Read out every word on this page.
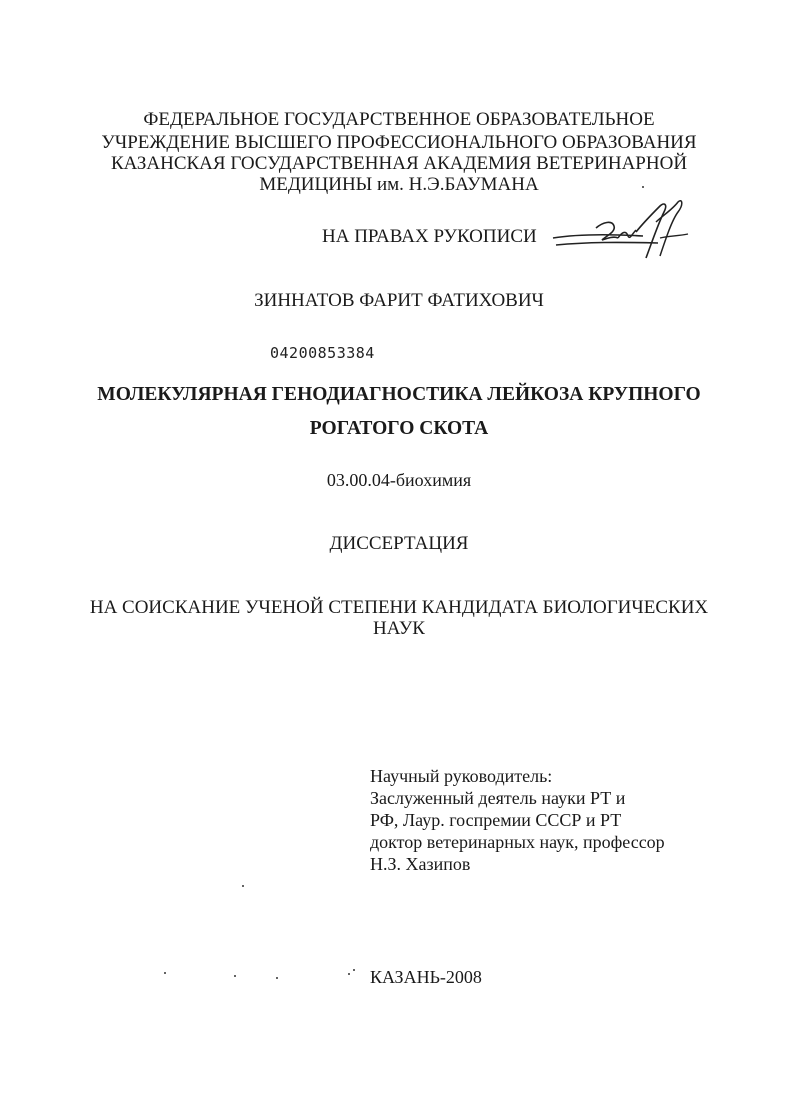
ФЕДЕРАЛЬНОЕ ГОСУДАРСТВЕННОЕ ОБРАЗОВАТЕЛЬНОЕ
УЧРЕЖДЕНИЕ ВЫСШЕГО ПРОФЕССИОНАЛЬНОГО ОБРАЗОВАНИЯ
КАЗАНСКАЯ ГОСУДАРСТВЕННАЯ АКАДЕМИЯ ВЕТЕРИНАРНОЙ
МЕДИЦИНЫ им. Н.Э.БАУМАНА
НА ПРАВАХ РУКОПИСИ
ЗИННАТОВ ФАРИТ ФАТИХОВИЧ
04200853384
МОЛЕКУЛЯРНАЯ ГЕНОДИАГНОСТИКА ЛЕЙКОЗА КРУПНОГО
РОГАТОГО СКОТА
03.00.04-биохимия
ДИССЕРТАЦИЯ
НА СОИСКАНИЕ УЧЕНОЙ СТЕПЕНИ КАНДИДАТА БИОЛОГИЧЕСКИХ
НАУК
Научный руководитель:
Заслуженный деятель науки РТ и
РФ, Лаур. госпремии СССР и РТ
доктор ветеринарных наук, профессор
Н.З. Хазипов
КАЗАНЬ-2008
